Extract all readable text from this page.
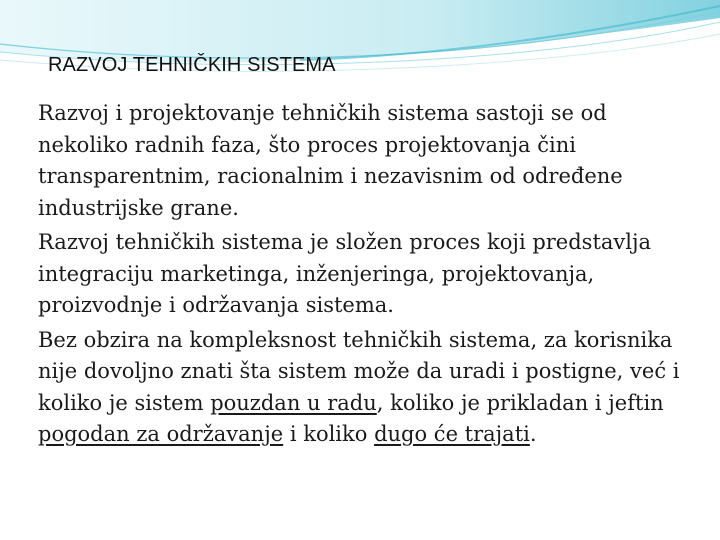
RAZVOJ TEHNIČKIH SISTEMA

Razvoj i projektovanje tehničkih sistema sastoji se od nekoliko radnih faza, što proces projektovanja čini transparentnim, racionalnim i nezavisnim od određene industrijske grane.

Razvoj tehničkih sistema je složen proces koji predstavlja integraciju marketinga, inženjeringa, projektovanja, proizvodnje i održavanja sistema.

Bez obzira na kompleksnost tehničkih sistema, za korisnika nije dovoljno znati šta sistem može da uradi i postigne, već i koliko je sistem pouzdan u radu, koliko je prikladan i jeftin pogodan za održavanje i koliko dugo će trajati.
